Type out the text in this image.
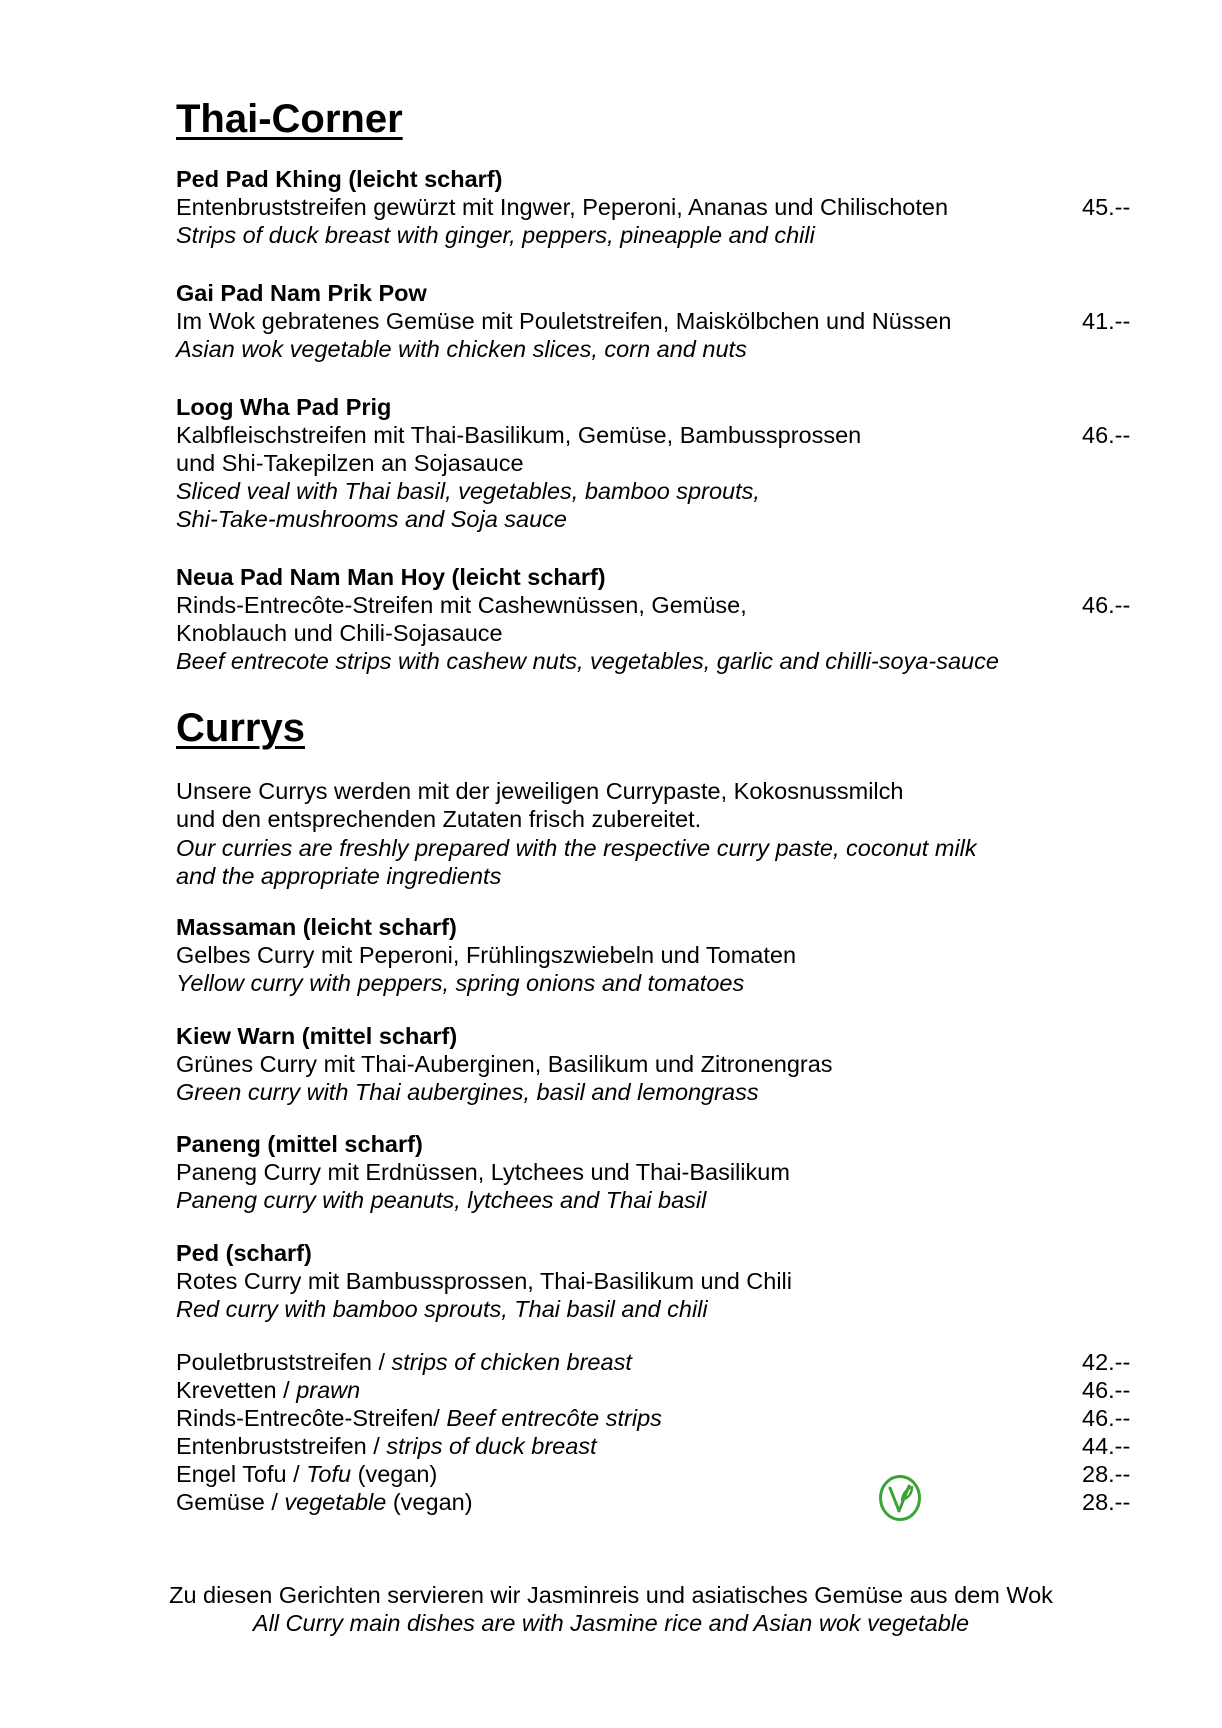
Thai-Corner
Ped Pad Khing (leicht scharf)
Entenbruststreifen gewürzt mit Ingwer, Peperoni, Ananas und Chilischoten	45.--
Strips of duck breast with ginger, peppers, pineapple and chili
Gai Pad Nam Prik Pow
Im Wok gebratenes Gemüse mit Pouletstreifen, Maiskölbchen und Nüssen	41.--
Asian wok vegetable with chicken slices, corn and nuts
Loog Wha Pad Prig
Kalbfleischstreifen mit Thai-Basilikum, Gemüse, Bambussprossen	46.--
und Shi-Takepilzen an Sojasauce
Sliced veal with Thai basil, vegetables, bamboo sprouts,
Shi-Take-mushrooms and Soja sauce
Neua Pad Nam Man Hoy (leicht scharf)
Rinds-Entrecôte-Streifen mit Cashewnüssen, Gemüse,	46.--
Knoblauch und Chili-Sojasauce
Beef entrecote strips with cashew nuts, vegetables, garlic and chilli-soya-sauce
Currys
Unsere Currys werden mit der jeweiligen Currypaste, Kokosnussmilch
und den entsprechenden Zutaten frisch zubereitet.
Our curries are freshly prepared with the respective curry paste, coconut milk
and the appropriate ingredients
Massaman (leicht scharf)
Gelbes Curry mit Peperoni, Frühlingszwiebeln und Tomaten
Yellow curry with peppers, spring onions and tomatoes
Kiew Warn (mittel scharf)
Grünes Curry mit Thai-Auberginen, Basilikum und Zitronengras
Green curry with Thai aubergines, basil and lemongrass
Paneng (mittel scharf)
Paneng Curry mit Erdnüssen, Lytchees und Thai-Basilikum
Paneng curry with peanuts, lytchees and Thai basil
Ped (scharf)
Rotes Curry mit Bambussprossen, Thai-Basilikum und Chili
Red curry with bamboo sprouts, Thai basil and chili
Pouletbruststreifen / strips of chicken breast	42.--
Krevetten / prawn	46.--
Rinds-Entrecôte-Streifen/ Beef entrecôte strips	46.--
Entenbruststreifen / strips of duck breast	44.--
Engel Tofu / Tofu (vegan)	28.--
Gemüse / vegetable (vegan)	28.--
Zu diesen Gerichten servieren wir Jasminreis und asiatisches Gemüse aus dem Wok
All Curry main dishes are with Jasmine rice and Asian wok vegetable
